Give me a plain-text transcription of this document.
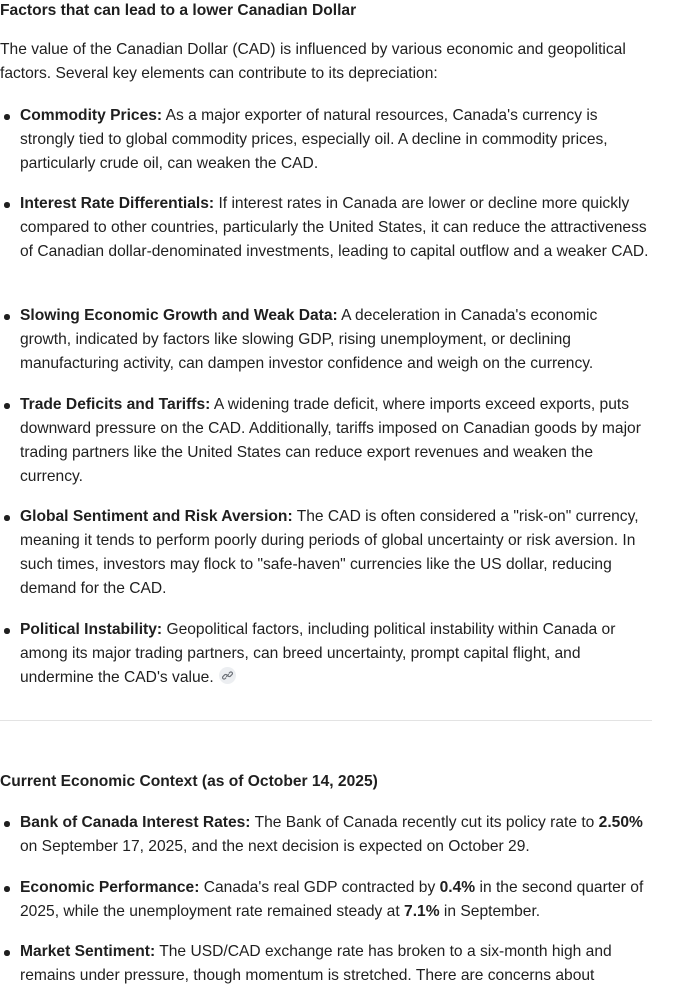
Factors that can lead to a lower Canadian Dollar

The value of the Canadian Dollar (CAD) is influenced by various economic and geopolitical factors. Several key elements can contribute to its depreciation:

Commodity Prices: As a major exporter of natural resources, Canada's currency is strongly tied to global commodity prices, especially oil. A decline in commodity prices, particularly crude oil, can weaken the CAD.
Interest Rate Differentials: If interest rates in Canada are lower or decline more quickly compared to other countries, particularly the United States, it can reduce the attractiveness of Canadian dollar-denominated investments, leading to capital outflow and a weaker CAD.
Slowing Economic Growth and Weak Data: A deceleration in Canada's economic growth, indicated by factors like slowing GDP, rising unemployment, or declining manufacturing activity, can dampen investor confidence and weigh on the currency.
Trade Deficits and Tariffs: A widening trade deficit, where imports exceed exports, puts downward pressure on the CAD. Additionally, tariffs imposed on Canadian goods by major trading partners like the United States can reduce export revenues and weaken the currency.
Global Sentiment and Risk Aversion: The CAD is often considered a "risk-on" currency, meaning it tends to perform poorly during periods of global uncertainty or risk aversion. In such times, investors may flock to "safe-haven" currencies like the US dollar, reducing demand for the CAD.
Political Instability: Geopolitical factors, including political instability within Canada or among its major trading partners, can breed uncertainty, prompt capital flight, and undermine the CAD's value.
Current Economic Context (as of October 14, 2025)
Bank of Canada Interest Rates: The Bank of Canada recently cut its policy rate to 2.50% on September 17, 2025, and the next decision is expected on October 29.
Economic Performance: Canada's real GDP contracted by 0.4% in the second quarter of 2025, while the unemployment rate remained steady at 7.1% in September.
Market Sentiment: The USD/CAD exchange rate has broken to a six-month high and remains under pressure, though momentum is stretched. There are concerns about
